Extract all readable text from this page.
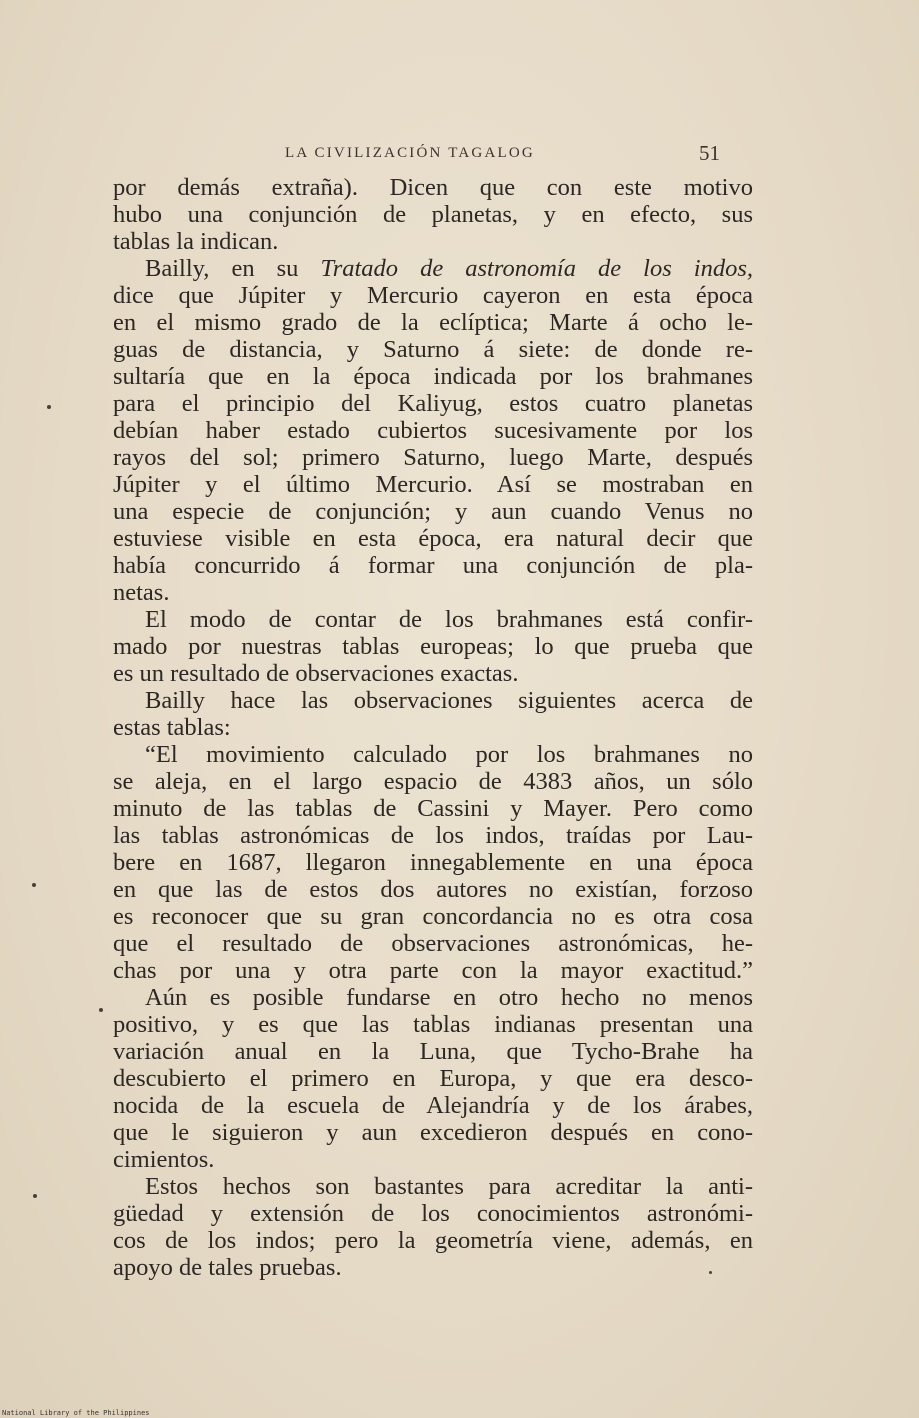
LA CIVILIZACIÓN TAGALOG	51
por demás extraña). Dicen que con este motivo
hubo una conjunción de planetas, y en efecto, sus
tablas la indican.
Bailly, en su Tratado de astronomía de los indos,
dice que Júpiter y Mercurio cayeron en esta época
en el mismo grado de la eclíptica; Marte á ocho le-
guas de distancia, y Saturno á siete: de donde re-
sultaría que en la época indicada por los brahmanes
para el principio del Kaliyug, estos cuatro planetas
debían haber estado cubiertos sucesivamente por los
rayos del sol; primero Saturno, luego Marte, después
Júpiter y el último Mercurio. Así se mostraban en
una especie de conjunción; y aun cuando Venus no
estuviese visible en esta época, era natural decir que
había concurrido á formar una conjunción de pla-
netas.
El modo de contar de los brahmanes está confir-
mado por nuestras tablas europeas; lo que prueba que
es un resultado de observaciones exactas.
Bailly hace las observaciones siguientes acerca de
estas tablas:
“El movimiento calculado por los brahmanes no
se aleja, en el largo espacio de 4383 años, un sólo
minuto de las tablas de Cassini y Mayer. Pero como
las tablas astronómicas de los indos, traídas por Lau-
bere en 1687, llegaron innegablemente en una época
en que las de estos dos autores no existían, forzoso
es reconocer que su gran concordancia no es otra cosa
que el resultado de observaciones astronómicas, he-
chas por una y otra parte con la mayor exactitud.”
Aún es posible fundarse en otro hecho no menos
positivo, y es que las tablas indianas presentan una
variación anual en la Luna, que Tycho-Brahe ha
descubierto el primero en Europa, y que era desco-
nocida de la escuela de Alejandría y de los árabes,
que le siguieron y aun excedieron después en cono-
cimientos.
Estos hechos son bastantes para acreditar la anti-
güedad y extensión de los conocimientos astronómi-
cos de los indos; pero la geometría viene, además, en
apoyo de tales pruebas.
National Library of the Philippines
